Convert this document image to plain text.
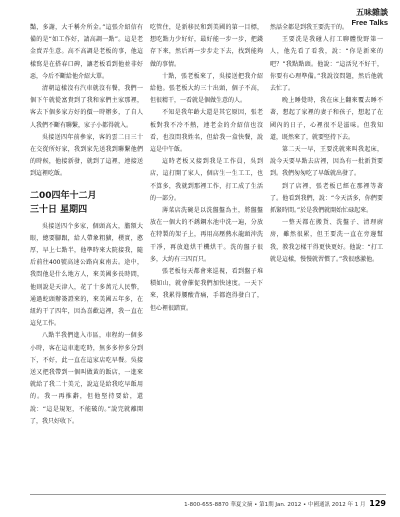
五味雜談
Free Talks

豔，多謝，大千稱介所金。”這張介紹信有備的是“如工作好，請高調一點”。這是老金賣弄生意。高不高調是老板的事，他這樣寫是在搭春口碑，讓老板看到他並非好惡，今后不斷給他介紹大單。

清朝這樣沒有汽車就沒有餐，我們一個下午就從富貴到了我和家們主家那裡，客去下個多家方好的價一時辦多，了自人人我們不斷有聯繫，家子小都得就入。

吳接送四年前參家，客的雲二日三十在交從所好家，我到家先送我到聯繫他們的時候，他接新發，就到了這裡，連接送到這裡吃飯。

二00四年十二月
三十日 星期四

吳接送四个多家，個頭高大，膽額大眼，總要腳跟，給人帶象粗獷，樸實，憨厚，早上七點半，他準時來大院接我，隨后前往400號高速公路向東南去。途中，我問他是什么地方人，來美國多長時間，他則說是天津人，花了十多萬元人民幣，通過蛇頭辦簽證來的，來美國五年多，在紐約干了四年，因為喜歡這裡，我一直在這兒工作。

八點半我們進入市區，車程約一個多小時，客在這車進吃時，無多多停多分到下，不好，此一直在這家店吃早餐。吳接送又把我帶到一個叫做黃的飯店，一進來就給了我二十美元，說這是給我吃早飯用的。我一再推辭，但他堅持要給，還說：“這是規矩，不能破的。”說完就離開了，我只好收下。

吃管住，是新移民和到美國的第一目標，想吃點力少好好，最好能一步一步，把錢存下來，然后再一步步走下去，找到能夠做的事情。

十點，張老板來了，吳接送把我介紹給他。張老板大約三十出頭，個子不高，但很精干，一看就是個做生意的人。

不知是我年齡大還是其它原因，張老板對我不冷不熱，連老金的介紹信也沒看，也沒問我姓名，但給我一盒快餐，說這是中午飯。

這時老板又接到我是工作員，吳到店，這打開了家人，個店生一生工工，也不算多，我就到那裡工作，打工成了生活的一部分。

薄菜店洗碗是以洗盤盤為主，將盤盤放在一個大的不銹鋼水池中洗一遍，分放在特製的架子上，再用高壓熱水龍頭沖洗干凈，再放進烘干機烘干。洗的盤子很多，大約有三四百只。

張老板每天都會來巡視，看到盤子堆積如山，就會催促我們加快速度。一天下來，我累得腰酸背痛，手都泡得發白了，但心裡很踏實。

然話全都是到我王要洗干的。

王要洗是我碰人打工聊體悅野第一人，他先看了看我，說：“你是新來的吧？”我點點頭。他說：“這活兒不好干，你要有心理準備。”我說沒問題，然后他就去忙了。

晚上睡覺時，我在床上翻來覆去睡不著，想起了家裡的妻子和孩子，想起了在國內的日子，心裡很不是滋味。但我知道，既然來了，就要堅持下去。

第二天一早，王要洗就來叫我起床，說今天要早點去店裡，因為有一批新貨要到。我們匆匆吃了早飯就出發了。

到了店裡，張老板已經在那裡等著了。他看到我們，說：“今天活多，你們要抓緊時間。”於是我們就開始忙碌起來。

一整天都在搬貨、洗盤子、清理廚房，雖然很累，但王要洗一直在旁邊幫我，教我怎樣干得更快更好。他說：“打工就是這樣，慢慢就習慣了。”我很感激他。

1-800-655-8870 華夏文摘 • 第1期 Jan. 2012 • 中國通訊 2012 年 1 月 129
